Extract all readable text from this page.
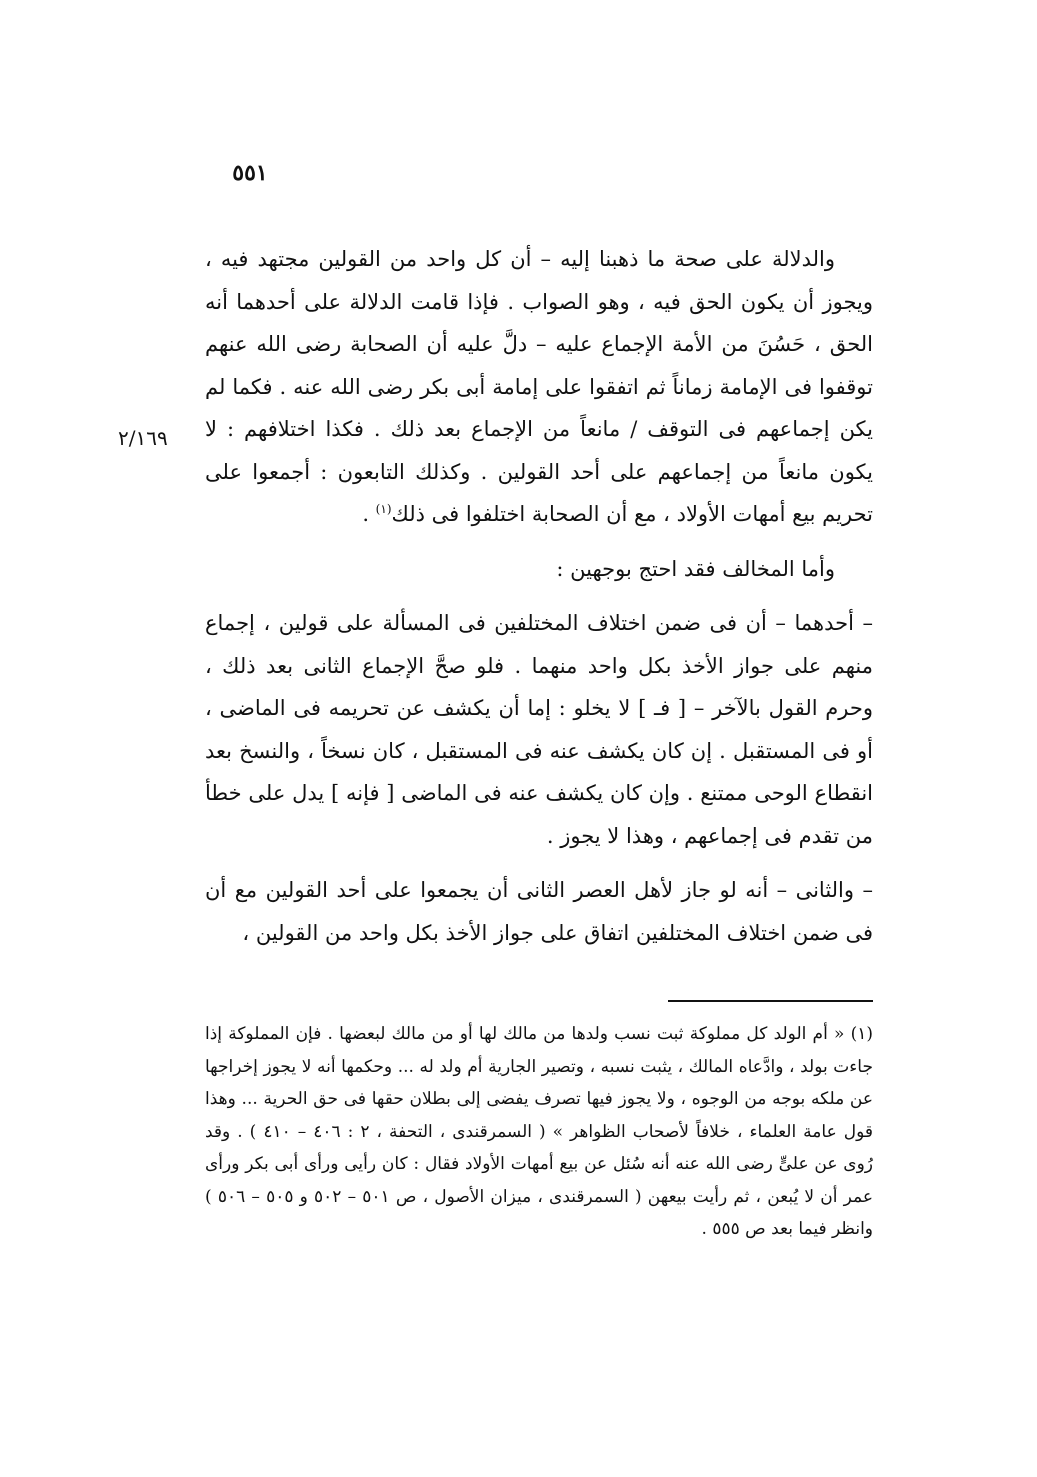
٥٥١
٢/١٦٩

والدلالة على صحة ما ذهبنا إليه – أن كل واحد من القولين مجتهد فيه ، ويجوز أن يكون الحق فيه ، وهو الصواب . فإذا قامت الدلالة على أحدهما أنه الحق ، حَسُنَ من الأمة الإجماع عليه – دلَّ عليه أن الصحابة رضى الله عنهم توقفوا فى الإمامة زماناً ثم اتفقوا على إمامة أبى بكر رضى الله عنه . فكما لم يكن إجماعهم فى التوقف / مانعاً من الإجماع بعد ذلك . فكذا اختلافهم : لا يكون مانعاً من إجماعهم على أحد القولين . وكذلك التابعون : أجمعوا على تحريم بيع أمهات الأولاد ، مع أن الصحابة اختلفوا فى ذلك$^{(١)}$ .

وأما المخالف فقد احتج بوجهين :

– أحدهما – أن فى ضمن اختلاف المختلفين فى المسألة على قولين ، إجماع منهم على جواز الأخذ بكل واحد منهما . فلو صحَّ الإجماع الثانى بعد ذلك ، وحرم القول بالآخر – [ فـ ] لا يخلو : إما أن يكشف عن تحريمه فى الماضى ، أو فى المستقبل . إن كان يكشف عنه فى المستقبل ، كان نسخاً ، والنسخ بعد انقطاع الوحى ممتنع . وإن كان يكشف عنه فى الماضى [ فإنه ] يدل على خطأ من تقدم فى إجماعهم ، وهذا لا يجوز .

– والثانى – أنه لو جاز لأهل العصر الثانى أن يجمعوا على أحد القولين مع أن فى ضمن اختلاف المختلفين اتفاق على جواز الأخذ بكل واحد من القولين ،

(١) « أم الولد كل مملوكة ثبت نسب ولدها من مالك لها أو من مالك لبعضها . فإن المملوكة إذا جاءت بولد ، وادَّعاه المالك ، يثبت نسبه ، وتصير الجارية أم ولد له ... وحكمها أنه لا يجوز إخراجها عن ملكه بوجه من الوجوه ، ولا يجوز فيها تصرف يفضى إلى بطلان حقها فى حق الحرية ... وهذا قول عامة العلماء ، خلافاً لأصحاب الظواهر » ( السمرقندى ، التحفة ، ٢ : ٤٠٦ – ٤١٠ ) . وقد رُوى عن علىٍّ رضى الله عنه أنه سُئل عن بيع أمهات الأولاد فقال : كان رأيى ورأى أبى بكر ورأى عمر أن لا يُبعن ، ثم رأيت بيعهن ( السمرقندى ، ميزان الأصول ، ص ٥٠١ – ٥٠٢ و ٥٠٥ – ٥٠٦ ) وانظر فيما بعد ص ٥٥٥ .
